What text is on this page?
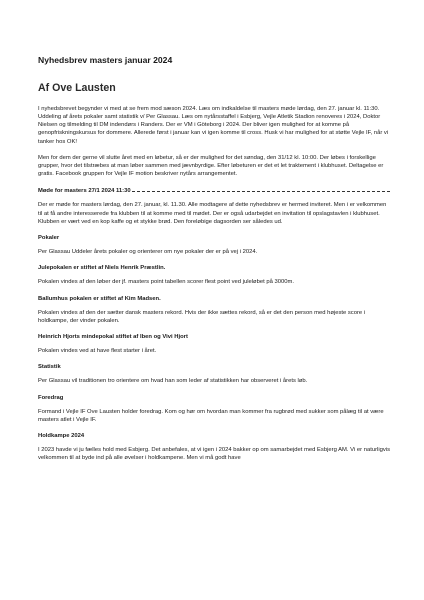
Nyhedsbrev masters januar 2024
Af Ove Lausten

I nyhedsbrevet begynder vi med at se frem mod sæson 2024. Læs om indkaldelse til masters møde lørdag, den 27. januar kl. 11:30. Uddeling af årets pokaler samt statistik v/ Per Glassau. Læs om nytårsstaffel i Esbjerg, Vejle Atletik Stadion renoveres i 2024, Doktor Nielsen og tilmelding til DM indendørs i Randers. Der er VM i Göteborg i 2024. Der bliver igen mulighed for at komme på genopfriskningskursus for dommere. Allerede først i januar kan vi igen komme til cross. Husk vi har mulighed for at støtte Vejle IF, når vi tanker hos OK!

Men for dem der gerne vil slutte året med en løbetur, så er der mulighed for det søndag, den 31/12 kl. 10:00. Der løbes i forskellige grupper, hvor det tilstræbes at man løber sammen med jævnbyrdige. Efter løbeturen er det et let traktement i klubhuset. Deltagelse er gratis. Facebook gruppen for Vejle IF motion beskriver nytårs arrangementet.

Møde for masters 27/1 2024 11:30

Der er møde for masters lørdag, den 27. januar, kl. 11.30. Alle modtagere af dette nyhedsbrev er hermed inviteret. Men i er velkommen til at få andre interesserede fra klubben til at komme med til mødet. Der er også udarbejdet en invitation til opslagstavlen i klubhuset. Klubben er vært ved en kop kaffe og et stykke brød. Den foreløbige dagsorden ser således ud.

Pokaler

Per Glassau Uddeler årets pokaler og orienterer om nye pokaler der er på vej i 2024.

Julepokalen er stiftet af Niels Henrik Præstlin.

Pokalen vindes af den løber der jf. masters point tabellen scorer flest point ved juleløbet på 3000m.

Ballumhus pokalen er stiftet af Kim Madsen.

Pokalen vindes af den der sætter dansk masters rekord. Hvis der ikke sættes rekord, så er det den person med højeste score i holdkampe, der vinder pokalen.

Heinrich Hjorts mindepokal stiftet af Iben og Vivi Hjort

Pokalen vindes ved at have flest starter i året.

Statistik

Per Glassau vil traditionen tro orientere om hvad han som leder af statistikken har observeret i årets løb.

Foredrag

Formand i Vejle IF Ove Lausten holder foredrag. Kom og hør om hvordan man kommer fra rugbrød med sukker som pålæg til at være masters atlet i Vejle IF.

Holdkampe 2024

I 2023 havde vi ju fælles hold med Esbjerg. Det anbefales, at vi igen i 2024 bakker op om samarbejdet med Esbjerg AM. Vi er naturligvis velkommen til at byde ind på alle øvelser i holdkampene. Men vi må godt have
